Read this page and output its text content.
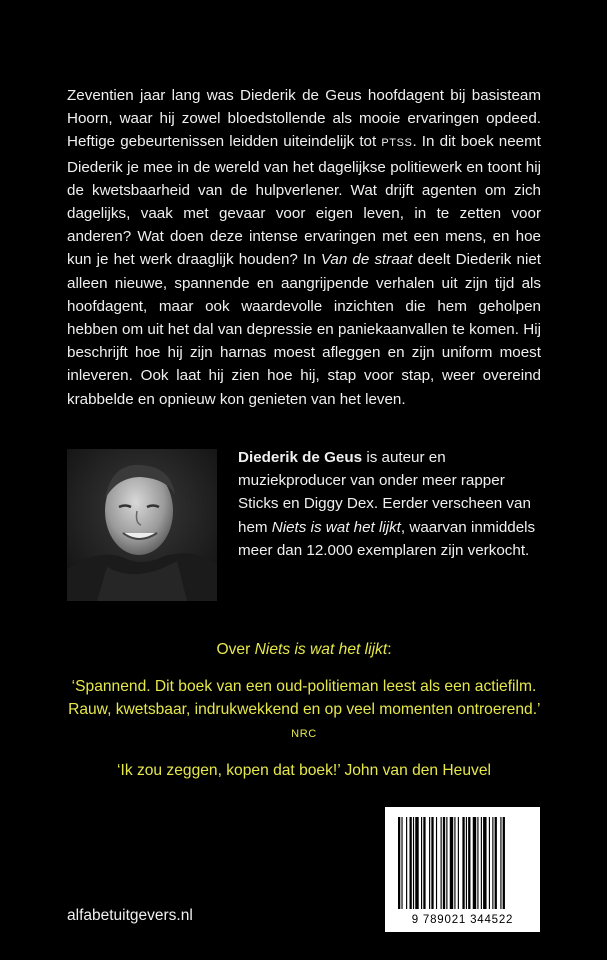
Zeventien jaar lang was Diederik de Geus hoofdagent bij basisteam Hoorn, waar hij zowel bloedstollende als mooie ervaringen opdeed. Heftige gebeurtenissen leidden uiteindelijk tot PTSS. In dit boek neemt Diederik je mee in de wereld van het dagelijkse politiewerk en toont hij de kwetsbaarheid van de hulpverlener. Wat drijft agenten om zich dagelijks, vaak met gevaar voor eigen leven, in te zetten voor anderen? Wat doen deze intense ervaringen met een mens, en hoe kun je het werk draaglijk houden? In Van de straat deelt Diederik niet alleen nieuwe, spannende en aangrijpende verhalen uit zijn tijd als hoofdagent, maar ook waardevolle inzichten die hem geholpen hebben om uit het dal van depressie en paniekaanvallen te komen. Hij beschrijft hoe hij zijn harnas moest afleggen en zijn uniform moest inleveren. Ook laat hij zien hoe hij, stap voor stap, weer overeind krabbelde en opnieuw kon genieten van het leven.
Diederik de Geus is auteur en muziekproducer van onder meer rapper Sticks en Diggy Dex. Eerder verscheen van hem Niets is wat het lijkt, waarvan inmiddels meer dan 12.000 exemplaren zijn verkocht.
Over Niets is wat het lijkt:
‘Spannend. Dit boek van een oud-politieman leest als een actiefilm. Rauw, kwetsbaar, indrukwekkend en op veel momenten ontroerend.’ NRC
‘Ik zou zeggen, kopen dat boek!’ John van den Heuvel
alfabetuitgevers.nl	9 789021 344522
